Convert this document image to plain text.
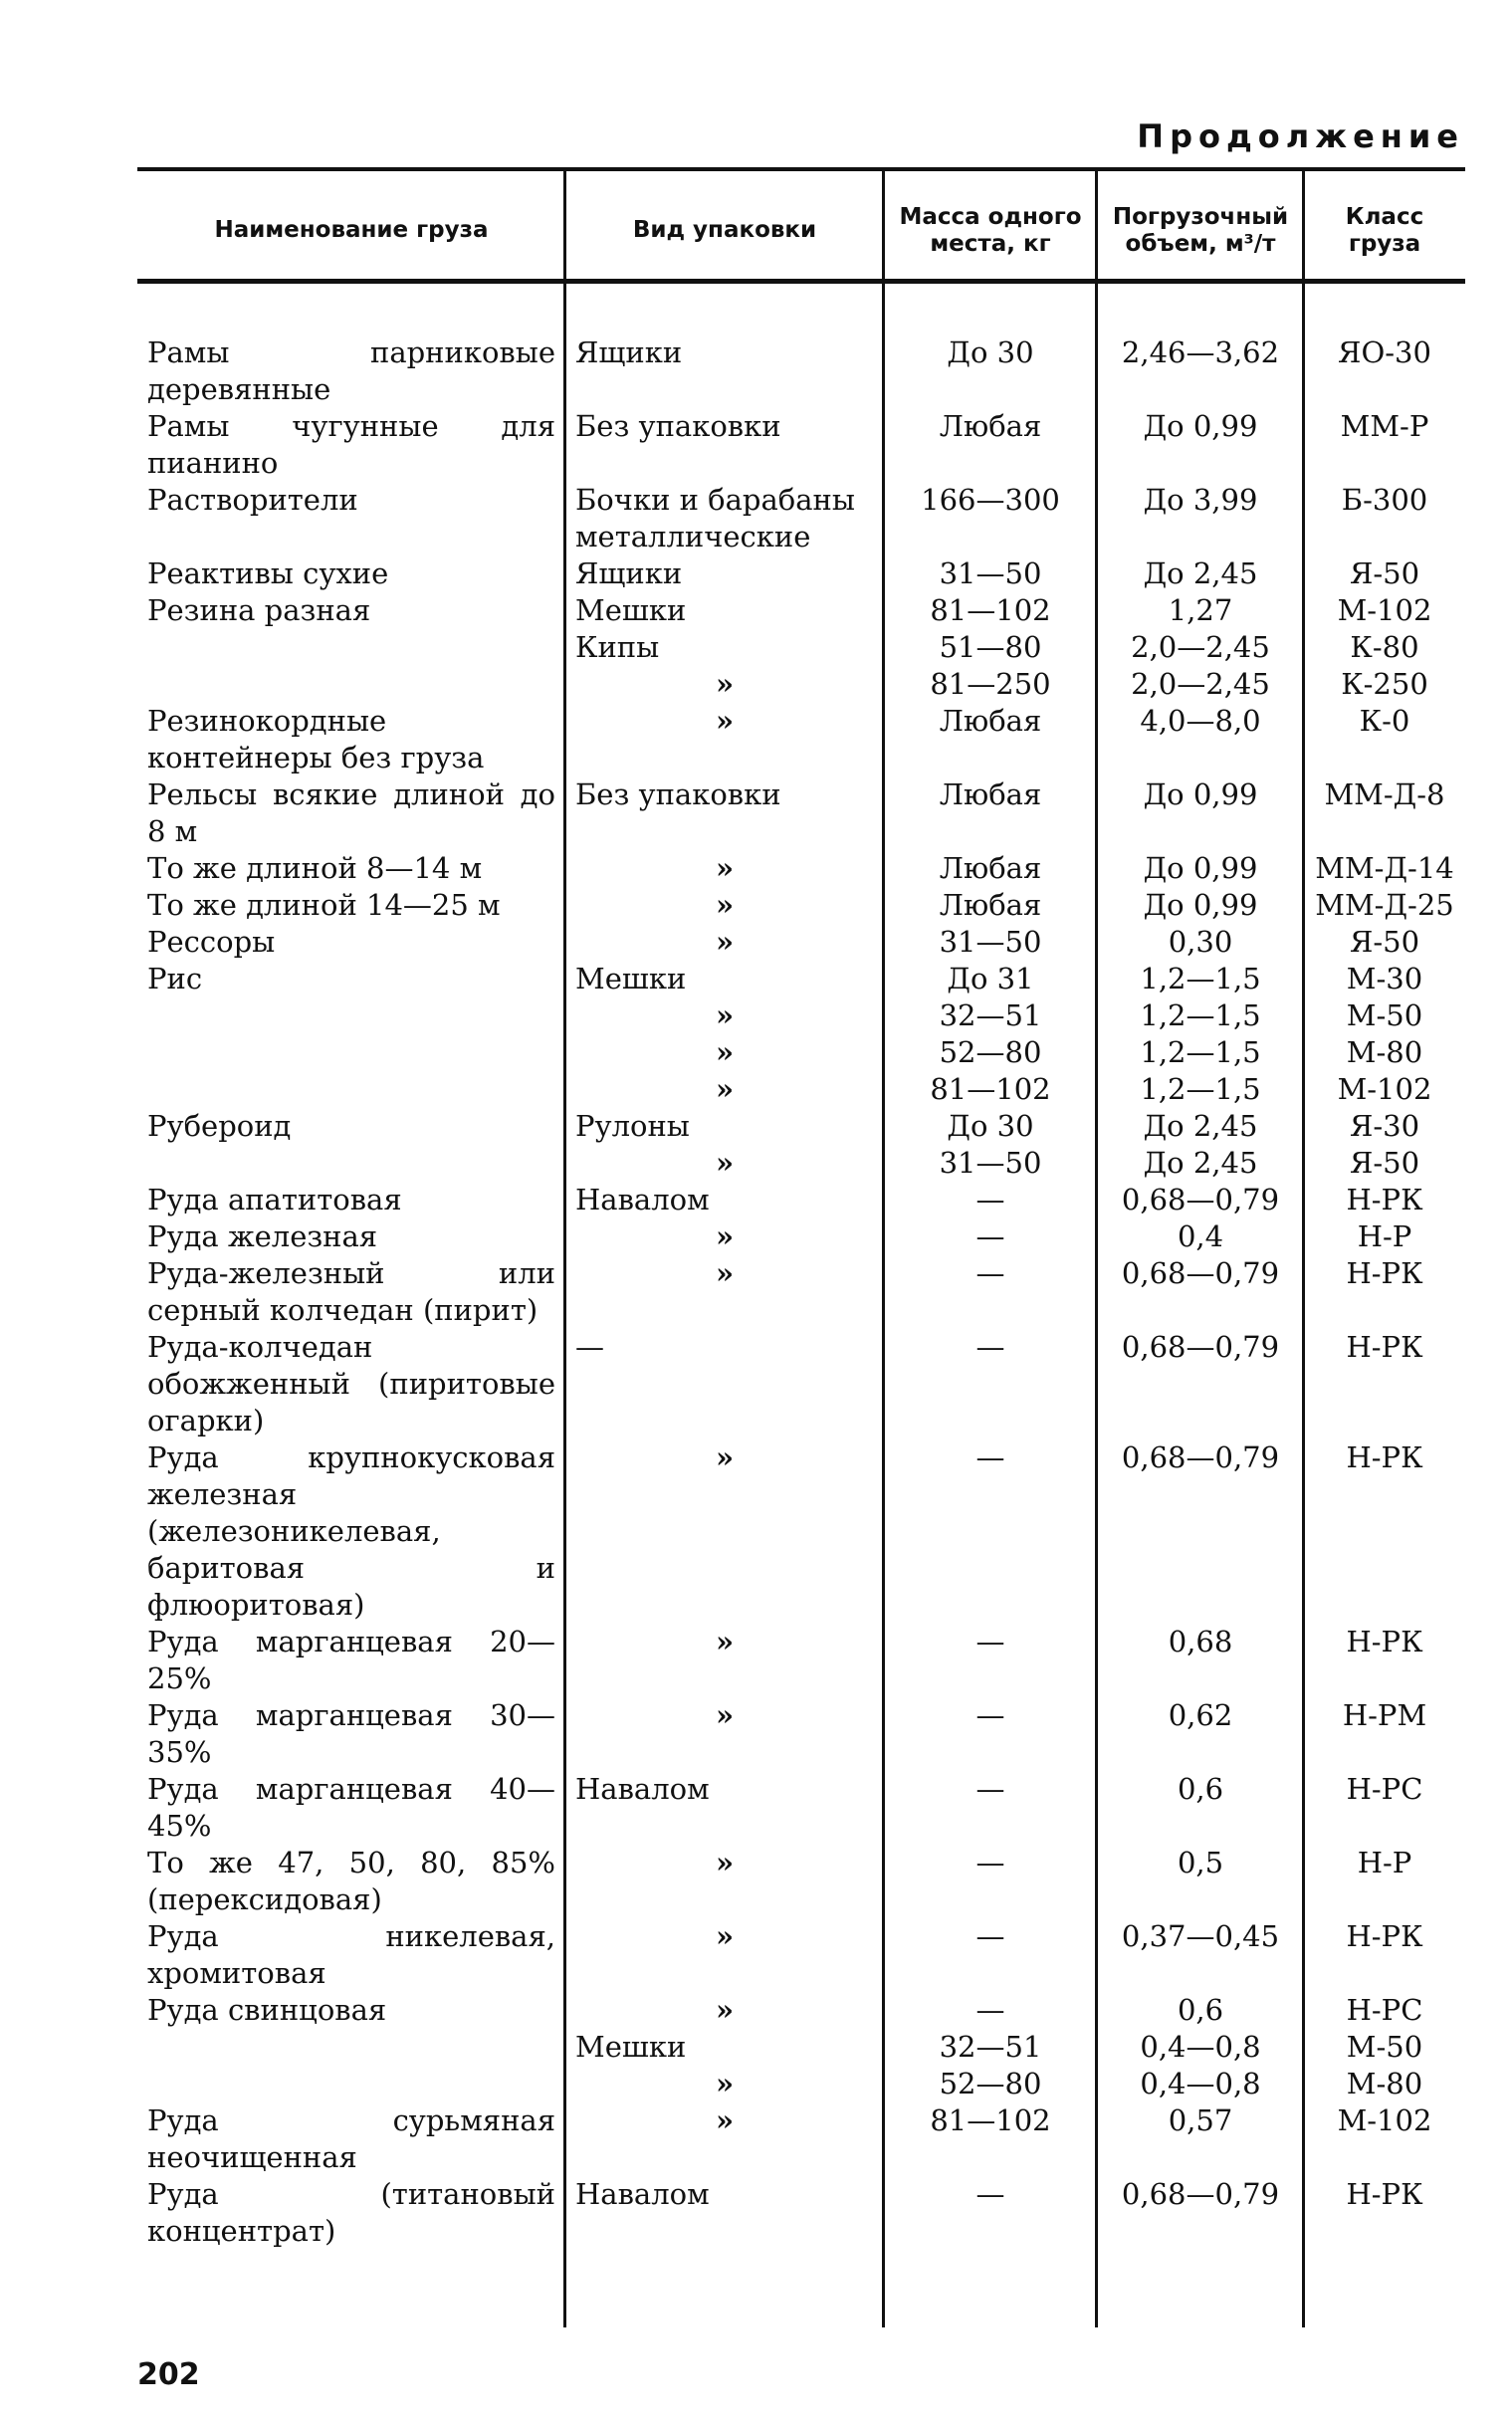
Продолжение
Наименование груза	Вид упаковки	Масса одного места, кг	Погрузочный объем, м³/т	Класс груза

Рамы парниковые деревянные	Ящики	До 30	2,46—3,62	ЯО-30
Рамы чугунные для пианино	Без упаковки	Любая	До 0,99	ММ-Р
Растворители	Бочки и барабаны металлические	166—300	До 3,99	Б-300
Реактивы сухие	Ящики	31—50	До 2,45	Я-50
Резина разная	Мешки	81—102	1,27	М-102
	Кипы	51—80	2,0—2,45	К-80
	»	81—250	2,0—2,45	К-250
Резинокордные контейнеры без груза	»	Любая	4,0—8,0	К-0
Рельсы всякие длиной до 8 м	Без упаковки	Любая	До 0,99	ММ-Д-8
То же длиной 8—14 м	»	Любая	До 0,99	ММ-Д-14
То же длиной 14—25 м	»	Любая	До 0,99	ММ-Д-25
Рессоры	»	31—50	0,30	Я-50
Рис	Мешки	До 31	1,2—1,5	М-30
	»	32—51	1,2—1,5	М-50
	»	52—80	1,2—1,5	М-80
	»	81—102	1,2—1,5	М-102
Рубероид	Рулоны	До 30	До 2,45	Я-30
	»	31—50	До 2,45	Я-50
Руда апатитовая	Навалом	—	0,68—0,79	Н-РК
Руда железная	»	—	0,4	Н-Р
Руда-железный или серный колчедан (пирит)	»	—	0,68—0,79	Н-РК
Руда-колчедан обожженный (пиритовые огарки)	—	—	0,68—0,79	Н-РК
Руда крупнокусковая железная (железоникелевая, баритовая и флюоритовая)	»	—	0,68—0,79	Н-РК
Руда марганцевая 20—25%	»	—	0,68	Н-РК
Руда марганцевая 30—35%	»	—	0,62	Н-РМ
Руда марганцевая 40—45%	Навалом	—	0,6	Н-РС
То же 47, 50, 80, 85% (перексидовая)	»	—	0,5	Н-Р
Руда никелевая, хромитовая	»	—	0,37—0,45	Н-РК
Руда свинцовая	»	—	0,6	Н-РС
	Мешки	32—51	0,4—0,8	М-50
	»	52—80	0,4—0,8	М-80
Руда сурьмяная неочищенная	»	81—102	0,57	М-102
Руда (титановый концентрат)	Навалом	—	0,68—0,79	Н-РК
202
